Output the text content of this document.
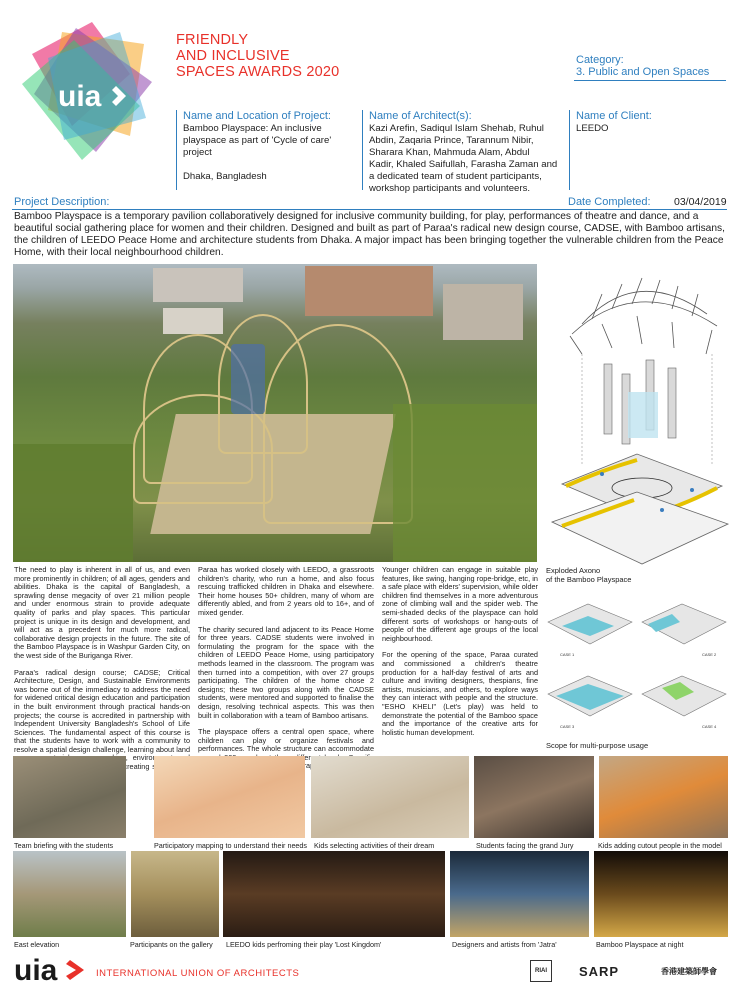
uia
FRIENDLY
AND INCLUSIVE
SPACES AWARDS 2020
Category:
3. Public and Open Spaces
Name and Location of Project:
Bamboo Playspace: An inclusive
playspace as part of 'Cycle of care'
project
Dhaka, Bangladesh
Name of Architect(s):
Kazi Arefin, Sadiqul Islam Shehab, Ruhul
Abdin, Zaqaria Prince, Tarannum Nibir,
Sharara Khan, Mahmuda Alam, Abdul
Kadir, Khaled Saifullah, Farasha Zaman and
a dedicated team of student participants,
workshop participants and volunteers.
Name of Client:
LEEDO
Project Description:	Date Completed: 03/04/2019
Bamboo Playspace is a temporary pavilion collaboratively designed for inclusive community building, for play, performances of theatre and dance, and a beautiful social gathering place for women and their children. Designed and built as part of Paraa's radical new design course, CADSE, with Bamboo artisans, the children of LEEDO Peace Home and architecture students from Dhaka. A major impact has been bringing together the vulnerable children from the Peace Home, with their local neighbourhood children.
Exploded Axono
of the Bamboo Playspace
CASE 1	CASE 2
CASE 3	CASE 4
Scope for multi-purpose usage

The need to play is inherent in all of us, and even more prominently in children; of all ages, genders and abilities. Dhaka is the capital of Bangladesh, a sprawling dense megacity of over 21 million people and under enormous strain to provide adequate quality of parks and play spaces. This particular project is unique in its design and development, and will act as a precedent for much more radical, collaborative design projects in the future. The site of the Bamboo Playspace is in Washpur Garden City, on the west side of the Buriganga River.

Paraa's radical design course; CADSE; Critical Architecture, Design, and Sustainable Environments was borne out of the immediacy to address the need for widened critical design education and participation in the built environment through practical hands-on projects; the course is accredited in partnership with Independent University Bangladesh's School of Life Sciences. The fundamental aspect of this course is that the students have to work with a community to resolve a spatial design challenge, learning about land environment creating

Paraa has worked closely with LEEDO, a grassroots children's charity, who run a home, and also focus rescuing trafficked children in Dhaka and elsewhere. Their home houses 50+ children, many of whom are differently abled, and from 2 years old to 16+, and of mixed gender.

The charity secured land adjacent to its Peace Home for three years. CADSE students were involved in formulating the program for the space with the children of LEEDO Peace Home, using participatory methods learned in the classroom. The program was then turned into a competition, with over 27 groups participating. The children of the home chose 2 designs; these two groups along with the CADSE students, were mentored and supported to finalise the design, resolving technical aspects. This was then built in collaboration with a team of Bamboo artisans.

The playspace offers a central open space, where children can play or organize festivals and performances. The whole structure can accommodate different

Younger children can engage in suitable play features, like swing, hanging rope-bridge, etc, in a safe place with elders' supervision, while older children find themselves in a more adventurous zone of climbing wall and the spider web. The semi-shaded decks of the playspace can hold different sorts of workshops or hang-outs of people of the different age groups of the local neighbourhood.

For the opening of the space, Paraa curated and commissioned a children's theatre production for a half-day festival of arts and culture and inviting designers, thespians, fine artists, musicians, and others, to explore ways they can interact with people and the structure. "ESHO KHELI" (Let's play) was held to demonstrate the potential of the Bamboo space and the importance of the creative arts for holistic human development.

Team briefing with the students	Participatory mapping to understand their needs Kids selecting activities of their dream	Students facing the grand Jury	Kids adding cutout people in the model
East elevation	Participants on the gallery LEEDO kids perfroming their play 'Lost Kingdom'	Designers and artists from 'Jatra'	Bamboo Playspace at night
uia	INTERNATIONAL UNION OF ARCHITECTS	RIAI	SARP	香港建築師學會
